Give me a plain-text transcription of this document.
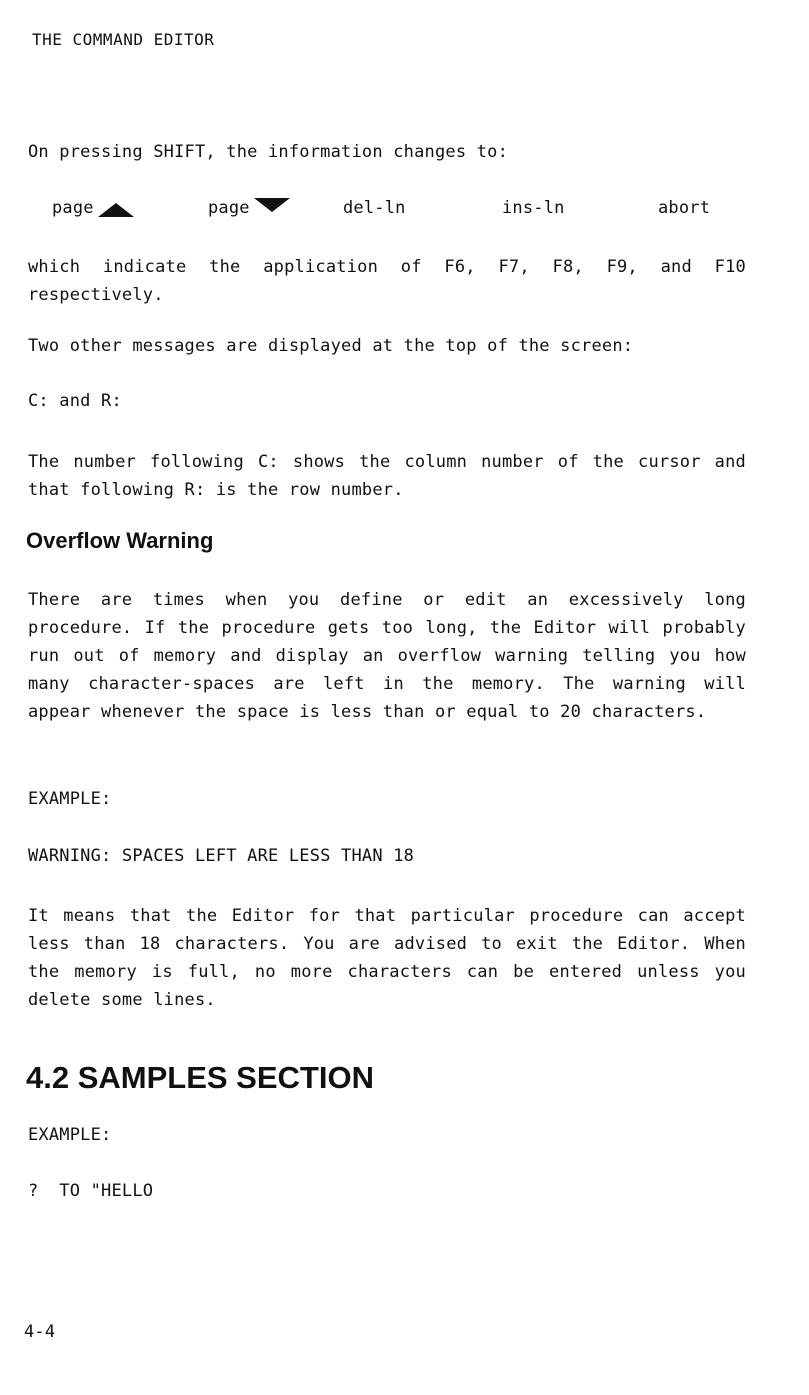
THE COMMAND EDITOR

On pressing SHIFT, the information changes to:

page	page	del-ln	ins-ln	abort

which indicate the application of F6, F7, F8, F9, and F10 respectively.

Two other messages are displayed at the top of the screen:

C: and R:

The number following C: shows the column number of the cursor and that following R: is the row number.

Overflow Warning

There are times when you define or edit an excessively long procedure. If the procedure gets too long, the Editor will probably run out of memory and display an overflow warning telling you how many character-spaces are left in the memory. The warning will appear whenever the space is less than or equal to 20 characters.

EXAMPLE:

WARNING: SPACES LEFT ARE LESS THAN 18

It means that the Editor for that particular procedure can accept less than 18 characters. You are advised to exit the Editor. When the memory is full, no more characters can be entered unless you delete some lines.

4.2 SAMPLES SECTION

EXAMPLE:

?  TO "HELLO

4-4
